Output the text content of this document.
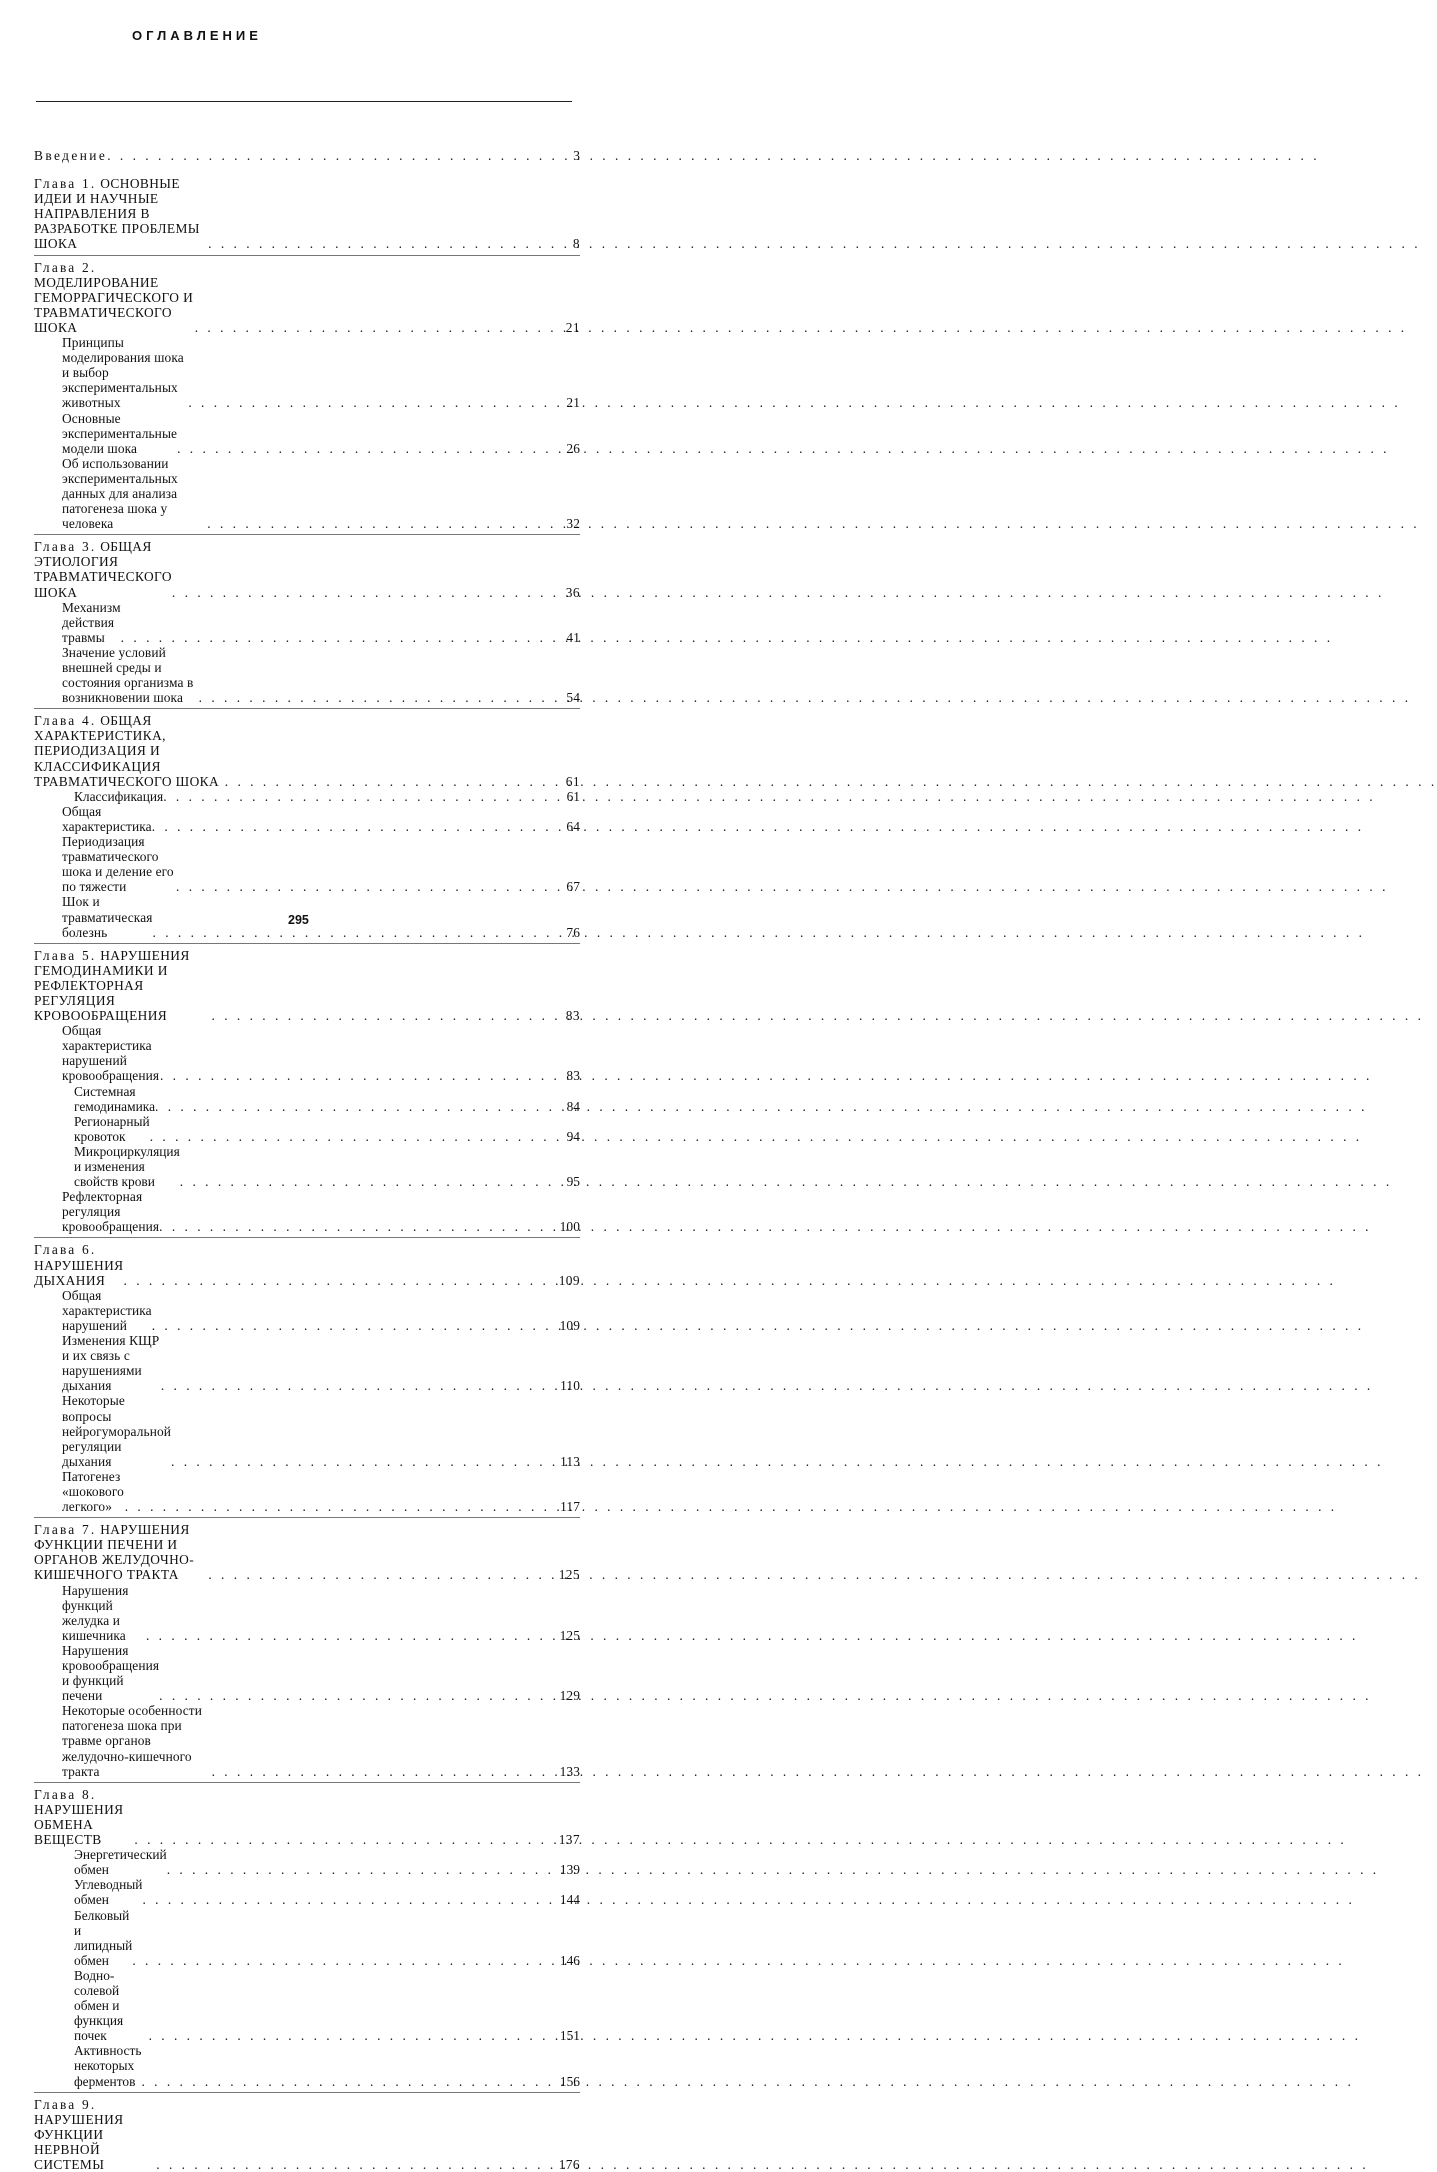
ОГЛАВЛЕНИЕ
Введение . . .	3
Глава 1. ОСНОВНЫЕ ИДЕИ И НАУЧНЫЕ НАПРАВЛЕНИЯ В РАЗРАБОТКЕ ПРОБЛЕМЫ ШОКА . . .	8
Глава 2. МОДЕЛИРОВАНИЕ ГЕМОРРАГИЧЕСКОГО И ТРАВМАТИЧЕСКОГО ШОКА . . .	21
Принципы моделирования шока и выбор экспериментальных животных . . .	21
Основные экспериментальные модели шока . . .	26
Об использовании экспериментальных данных для анализа патогенеза шока у человека . . .	32
Глава 3. ОБЩАЯ ЭТИОЛОГИЯ ТРАВМАТИЧЕСКОГО ШОКА . . .	36
Механизм действия травмы . . .	41
Значение условий внешней среды и состояния организма в возникновении шока . . .	54
Глава 4. ОБЩАЯ ХАРАКТЕРИСТИКА, ПЕРИОДИЗАЦИЯ И КЛАССИФИКАЦИЯ ТРАВМАТИЧЕСКОГО ШОКА . . .	61
Классификация . . .	61
Общая характеристика . . .	64
Периодизация травматического шока и деление его по тяжести . . .	67
Шок и травматическая болезнь . . .	76
Глава 5. НАРУШЕНИЯ ГЕМОДИНАМИКИ И РЕФЛЕКТОРНАЯ РЕГУЛЯЦИЯ КРОВООБРАЩЕНИЯ . . .	83
Общая характеристика нарушений кровообращения . . .	83
Системная гемодинамика . . .	84
Регионарный кровоток . . .	94
Микроциркуляция и изменения свойств крови . . .	95
Рефлекторная регуляция кровообращения . . .	100
Глава 6. НАРУШЕНИЯ ДЫХАНИЯ . . .	109
Общая характеристика нарушений . . .	109
Изменения КЩР и их связь с нарушениями дыхания . . .	110
Некоторые вопросы нейрогуморальной регуляции дыхания . . .	113
Патогенез «шокового легкого» . . .	117
Глава 7. НАРУШЕНИЯ ФУНКЦИИ ПЕЧЕНИ И ОРГАНОВ ЖЕЛУДОЧНО-КИШЕЧНОГО ТРАКТА . . .	125
Нарушения функций желудка и кишечника . . .	125
Нарушения кровообращения и функций печени . . .	129
Некоторые особенности патогенеза шока при травме органов желудочно-кишечного тракта . . .	133
Глава 8. НАРУШЕНИЯ ОБМЕНА ВЕЩЕСТВ . . .	137
Энергетический обмен . . .	139
Углеводный обмен . . .	144
Белковый и липидный обмен . . .	146
Водно-солевой обмен и функция почек . . .	151
Активность некоторых ферментов . . .	156
Глава 9. НАРУШЕНИЯ ФУНКЦИИ НЕРВНОЙ СИСТЕМЫ . . .	176
295
